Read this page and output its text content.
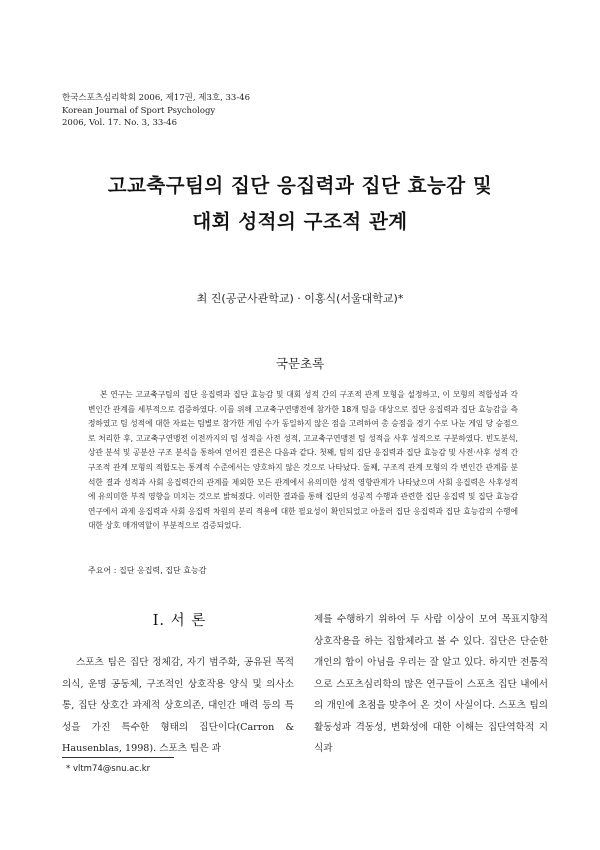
한국스포츠심리학회 2006, 제17권, 제3호, 33-46
Korean Journal of Sport Psychology
2006, Vol. 17. No. 3, 33-46
고교축구팀의 집단 응집력과 집단 효능감 및
대회 성적의 구조적 관계
최 진(공군사관학교) · 이홍식(서울대학교)*
국문초록
본 연구는 고교축구팀의 집단 응집력과 집단 효능감 및 대회 성적 간의 구조적 관계 모형을 설정하고, 이 모형의 적합성과 각 변인간 관계를 세부적으로 검증하였다. 이를 위해 고교축구연맹전에 참가한 18개 팀을 대상으로 집단 응집력과 집단 효능감을 측정하였고 팀 성적에 대한 자료는 팀별로 참가한 게임 수가 동일하지 않은 점을 고려하여 총 승점을 경기 수로 나눈 게임 당 승점으로 처리한 후, 고교축구연맹전 이전까지의 팀 성적을 사전 성적, 고교축구연맹전 팀 성적을 사후 성적으로 구분하였다. 빈도분석, 상관 분석 및 공분산 구조 분석을 통하여 얻어진 결론은 다음과 같다. 첫째, 팀의 집단 응집력과 집단 효능감 및 사전·사후 성적 간 구조적 관계 모형의 적합도는 통계적 수준에서는 양호하지 않은 것으로 나타났다. 둘째, 구조적 관계 모형의 각 변인간 관계를 분석한 결과 성적과 사회 응집력간의 관계를 제외한 모든 관계에서 유의미한 성적 영향관계가 나타났으며 사회 응집력은 사후성적에 유의미한 부적 영향을 미치는 것으로 밝혀졌다. 이러한 결과를 통해 집단의 성공적 수행과 관련한 집단 응집력 및 집단 효능감 연구에서 과제 응집력과 사회 응집력 차원의 분리 적용에 대한 필요성이 확인되었고 아울러 집단 응집력과 집단 효능감의 수행에 대한 상호 매개역할이 부분적으로 검증되었다.
주요어 : 집단 응집력, 집단 효능감
I. 서 론
스포츠 팀은 집단 정체감, 자기 범주화, 공유된 목적의식, 운명 공동체, 구조적인 상호작용 양식 및 의사소통, 집단 상호간 과제적 상호의존, 대인간 매력 등의 특성을 가진 특수한 형태의 집단이다(Carron & Hausenblas, 1998). 스포츠 팀은 과
제를 수행하기 위하여 두 사람 이상이 모여 목표지향적 상호작용을 하는 집합체라고 볼 수 있다. 집단은 단순한 개인의 합이 아님을 우리는 잘 알고 있다. 하지만 전통적으로 스포츠심리학의 많은 연구들이 스포츠 집단 내에서의 개인에 초점을 맞추어 온 것이 사실이다. 스포츠 팀의 활동성과 격동성, 변화성에 대한 이해는 집단역학적 지식과
* vltm74@snu.ac.kr
